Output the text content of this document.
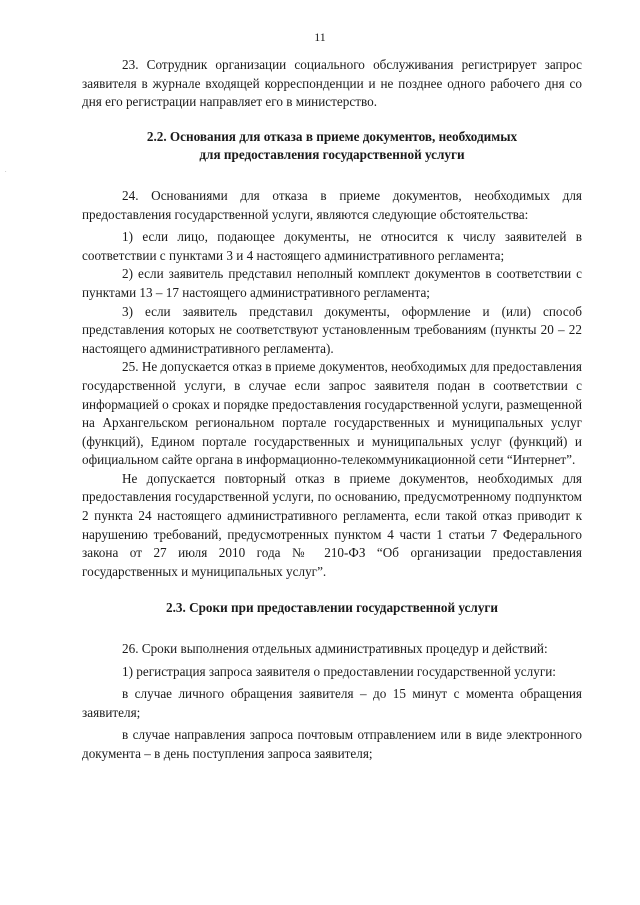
11
.

23. Сотрудник организации социального обслуживания регистрирует запрос заявителя в журнале входящей корреспонденции и не позднее одного рабочего дня со дня его регистрации направляет его в министерство.

2.2. Основания для отказа в приеме документов, необходимых
для предоставления государственной услуги

24. Основаниями для отказа в приеме документов, необходимых для предоставления государственной услуги, являются следующие обстоятельства:

1) если лицо, подающее документы, не относится к числу заявителей в соответствии с пунктами 3 и 4 настоящего административного регламента;

2) если заявитель представил неполный комплект документов в соответствии с пунктами 13 – 17 настоящего административного регламента;

3) если заявитель представил документы, оформление и (или) способ представления которых не соответствуют установленным требованиям (пункты 20 – 22 настоящего административного регламента).

25. Не допускается отказ в приеме документов, необходимых для предоставления государственной услуги, в случае если запрос заявителя подан в соответствии с информацией о сроках и порядке предоставления государственной услуги, размещенной на Архангельском региональном портале государственных и муниципальных услуг (функций), Едином портале государственных и муниципальных услуг (функций) и официальном сайте органа в информационно-телекоммуникационной сети “Интернет”.

Не допускается повторный отказ в приеме документов, необходимых для предоставления государственной услуги, по основанию, предусмотренному подпунктом 2 пункта 24 настоящего административного регламента, если такой отказ приводит к нарушению требований, предусмотренных пунктом 4 части 1 статьи 7 Федерального закона от 27 июля 2010 года № 210-ФЗ “Об организации предоставления государственных и муниципальных услуг”.

2.3. Сроки при предоставлении государственной услуги

26. Сроки выполнения отдельных административных процедур и действий:

1) регистрация запроса заявителя о предоставлении государственной услуги:

в случае личного обращения заявителя – до 15 минут с момента обращения заявителя;

в случае направления запроса почтовым отправлением или в виде электронного документа – в день поступления запроса заявителя;
